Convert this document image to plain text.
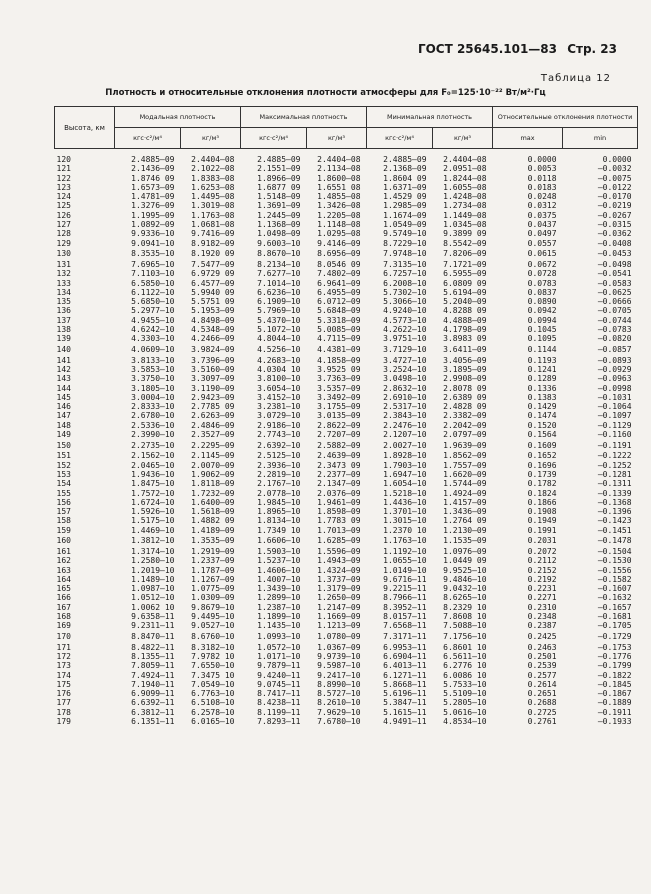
ГОСТ 25645.101—83 Стр. 23
Таблица 12
Плотность и относительные отклонения плотности атмосферы для F₀=125·10⁻²² Вт/м²·Гц
Высота, км	Модальная плотность		Максимальная плотность		Минимальная плотность		Относительные отклонения плотности	
	кгс·с²/м⁴	кг/м³	кгс·с²/м⁴	кг/м³	кгс·с²/м⁴	кг/м³	max	min
120	2.4885—09	2.4404—08	2.4885—09	2.4404—08	2.4885—09	2.4404—08	0.0000	0.0000
121	2.1436—09	2.1022—08	2.1551—09	2.1134—08	2.1368—09	2.0951—08	0.0053	—0.0032
122	1.8746 09	1.8383—08	1.8966—09	1.8600—08	1.8604 09	1.8244—08	0.0118	—0.0075
123	1.6573—09	1.6253—08	1.6877 09	1.6551 08	1.6371—09	1.6055—08	0.0183	—0.0122
124	1.4781—09	1.4495—08	1.5148—09	1.4855—08	1.4529 09	1.4248—08	0.0248	—0.0170
125	1.3276—09	1.3019—08	1.3691—09	1.3426—08	1.2985—09	1.2734—08	0.0312	—0.0219
126	1.1995—09	1.1763—08	1.2445—09	1.2205—08	1.1674—09	1.1449—08	0.0375	—0.0267
127	1.0892—09	1.0681—08	1.1368—09	1.1148—08	1.0549—09	1.0345—08	0.0437	—0.0315
128	9.9336—10	9.7416—09	1.0498—09	1.0295—08	9.5749—10	9.3899 09	0.0497	—0.0362
129	9.0941—10	8.9182—09	9.6003—10	9.4146—09	8.7229—10	8.5542—09	0.0557	—0.0408
130	8.3535—10	8.1920 09	8.8670—10	8.6956—09	7.9748—10	7.8206—09	0.0615	—0.0453
131	7.6965—10	7.5477—09	8.2134—10	8.0546 09	7.3135—10	7.1721—09	0.0672	—0.0498
132	7.1103—10	6.9729 09	7.6277—10	7.4802—09	6.7257—10	6.5955—09	0.0728	—0.0541
133	6.5850—10	6.4577—09	7.1014—10	6.9641—09	6.2008—10	6.0809 09	0.0783	—0.0583
134	6.1122—10	5.9940 09	6.6236—10	6.4955—09	5.7302—10	5.6194—09	0.0837	—0.0625
135	5.6850—10	5.5751 09	6.1909—10	6.0712—09	5.3066—10	5.2040—09	0.0890	—0.0666
136	5.2977—10	5.1953—09	5.7969—10	5.6848—09	4.9240—10	4.8288 09	0.0942	—0.0705
137	4.9455—10	4.8498—09	5.4370—10	5.3318—09	4.5773—10	4.4888—09	0.0994	—0.0744
138	4.6242—10	4.5348—09	5.1072—10	5.0085—09	4.2622—10	4.1798—09	0.1045	—0.0783
139	4.3303—10	4.2466—09	4.8044—10	4.7115—09	3.9751—10	3.8983 09	0.1095	—0.0820
140	4.0609—10	3.9824—09	4.5256—10	4.4381—09	3.7129—10	3.6411—09	0.1144	—0.0857
141	3.8133—10	3.7396—09	4.2683—10	4.1858—09	3.4727—10	3.4056—09	0.1193	—0.0893
142	3.5853—10	3.5160—09	4.0304 10	3.9525 09	3.2524—10	3.1895—09	0.1241	—0.0929
143	3.3750—10	3.3097—09	3.8100—10	3.7363—09	3.0498—10	2.9908—09	0.1289	—0.0963
144	3.1805—10	3.1190—09	3.6054—10	3.5357—09	2.8632—10	2.8078 09	0.1336	—0.0998
145	3.0004—10	2.9423—09	3.4152—10	3.3492—09	2.6910—10	2.6389 09	0.1383	—0.1031
146	2.8333—10	2.7785 09	3.2381—10	3.1755—09	2.5317—10	2.4828 09	0.1429	—0.1064
147	2.6780—10	2.6263—09	3.0729—10	3.0135—09	2.3843—10	2.3382—09	0.1474	—0.1097
148	2.5336—10	2.4846—09	2.9186—10	2.8622—09	2.2476—10	2.2042—09	0.1520	—0.1129
149	2.3990—10	2.3527—09	2.7743—10	2.7207—09	2.1207—10	2.0797—09	0.1564	—0.1160
150	2.2735—10	2.2295—09	2.6392—10	2.5882—09	2.0027—10	1.9639—09	0.1609	—0.1191
151	2.1562—10	2.1145—09	2.5125—10	2.4639—09	1.8928—10	1.8562—09	0.1652	—0.1222
152	2.0465—10	2.0070—09	2.3936—10	2.3473 09	1.7903—10	1.7557—09	0.1696	—0.1252
153	1.9436—10	1.9062—09	2.2819—10	2.2377—09	1.6947—10	1.6620—09	0.1739	—0.1281
154	1.8475—10	1.8118—09	2.1767—10	2.1347—09	1.6054—10	1.5744—09	0.1782	—0.1311
155	1.7572—10	1.7232—09	2.0778—10	2.0376—09	1.5218—10	1.4924—09	0.1824	—0.1339
156	1.6724—10	1.6400—09	1.9845—10	1.9461—09	1.4436—10	1.4157—09	0.1866	—0.1368
157	1.5926—10	1.5618—09	1.8965—10	1.8598—09	1.3701—10	1.3436—09	0.1908	—0.1396
158	1.5175—10	1.4882 09	1.8134—10	1.7783 09	1.3015—10	1.2764 09	0.1949	—0.1423
159	1.4469—10	1.4189—09	1.7349 10	1.7013—09	1.2370 10	1.2130—09	0.1991	—0.1451
160	1.3812—10	1.3535—09	1.6606—10	1.6285—09	1.1763—10	1.1535—09	0.2031	—0.1478
161	1.3174—10	1.2919—09	1.5903—10	1.5596—09	1.1192—10	1.0976—09	0.2072	—0.1504
162	1.2580—10	1.2337—09	1.5237—10	1.4943—09	1.0655—10	1.0449 09	0.2112	—0.1530
163	1.2019—10	1.1787—09	1.4606—10	1.4324—09	1.0149—10	9.9525—10	0.2152	—0.1556
164	1.1489—10	1.1267—09	1.4007—10	1.3737—09	9.6716—11	9.4846—10	0.2192	—0.1582
165	1.0987—10	1.0775—09	1.3439—10	1.3179—09	9.2215—11	9.0432—10	0.2231	—0.1607
166	1.0512—10	1.0309—09	1.2899—10	1.2650—09	8.7966—11	8.6265—10	0.2271	—0.1632
167	1.0062 10	9.8679—10	1.2387—10	1.2147—09	8.3952—11	8.2329 10	0.2310	—0.1657
168	9.6358—11	9.4495—10	1.1899—10	1.1669—09	8.0157—11	7.8608 10	0.2348	—0.1681
169	9.2311—11	9.0527—10	1.1435—10	1.1213—09	7.6568—11	7.5088—10	0.2387	—0.1705
170	8.8470—11	8.6760—10	1.0993—10	1.0780—09	7.3171—11	7.1756—10	0.2425	—0.1729
171	8.4822—11	8.3182—10	1.0572—10	1.0367—09	6.9953—11	6.8601 10	0.2463	—0.1753
172	8.1355—11	7.9782 10	1.0171—10	9.9739—10	6.6904—11	6.5611—10	0.2501	—0.1776
173	7.8059—11	7.6550—10	9.7879—11	9.5987—10	6.4013—11	6.2776 10	0.2539	—0.1799
174	7.4924—11	7.3475 10	9.4240—11	9.2417—10	6.1271—11	6.0086 10	0.2577	—0.1822
175	7.1940—11	7.0549—10	9.0745—11	8.8990—10	5.8668—11	5.7533—10	0.2614	—0.1845
176	6.9099—11	6.7763—10	8.7417—11	8.5727—10	5.6196—11	5.5109—10	0.2651	—0.1867
177	6.6392—11	6.5108—10	8.4238—11	8.2610—10	5.3847—11	5.2805—10	0.2688	—0.1889
178	6.3812—11	6.2578—10	8.1199—11	7.9629—10	5.1615—11	5.0616—10	0.2725	—0.1911
179	6.1351—11	6.0165—10	7.8293—11	7.6780—10	4.9491—11	4.8534—10	0.2761	—0.1933
